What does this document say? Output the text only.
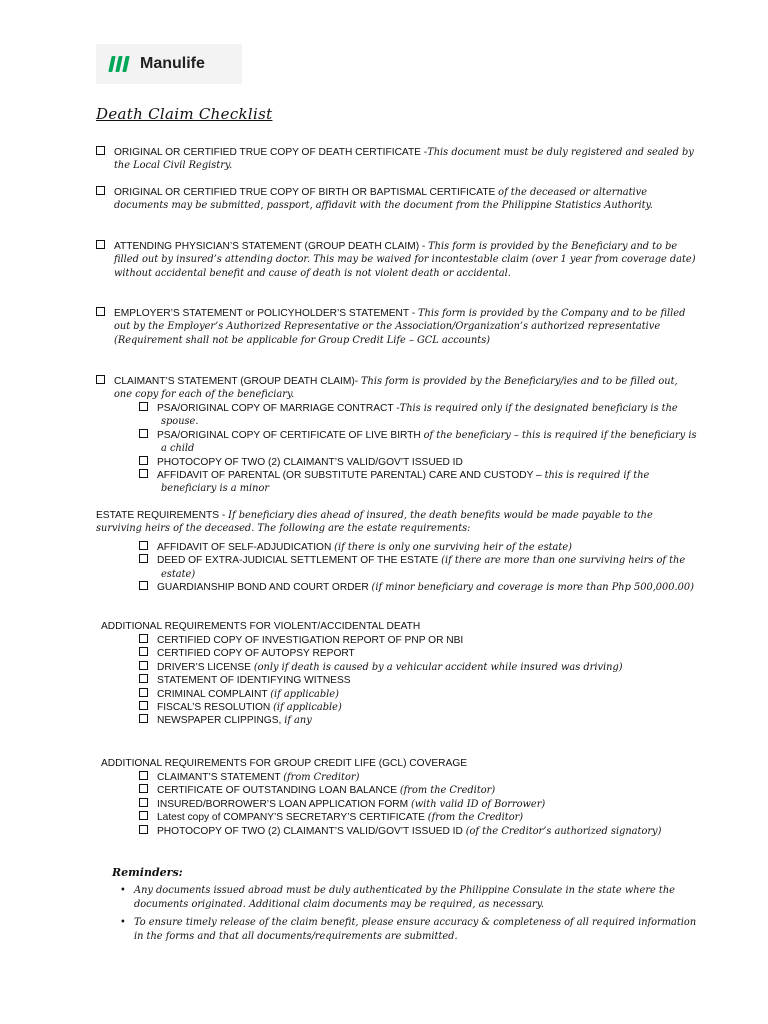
Manulife
Death Claim Checklist
ORIGINAL OR CERTIFIED TRUE COPY OF DEATH CERTIFICATE -This document must be duly registered and sealed by the Local Civil Registry.
ORIGINAL OR CERTIFIED TRUE COPY OF BIRTH OR BAPTISMAL CERTIFICATE of the deceased or alternative documents may be submitted, passport, affidavit with the document from the Philippine Statistics Authority.
ATTENDING PHYSICIAN’S STATEMENT (GROUP DEATH CLAIM) - This form is provided by the Beneficiary and to be filled out by insured’s attending doctor. This may be waived for incontestable claim (over 1 year from coverage date) without accidental benefit and cause of death is not violent death or accidental.
EMPLOYER’S STATEMENT or POLICYHOLDER’S STATEMENT - This form is provided by the Company and to be filled out by the Employer’s Authorized Representative or the Association/Organization’s authorized representative (Requirement shall not be applicable for Group Credit Life – GCL accounts)
CLAIMANT’S STATEMENT (GROUP DEATH CLAIM)- This form is provided by the Beneficiary/ies and to be filled out, one copy for each of the beneficiary.
PSA/ORIGINAL COPY OF MARRIAGE CONTRACT -This is required only if the designated beneficiary is the spouse.
PSA/ORIGINAL COPY OF CERTIFICATE OF LIVE BIRTH of the beneficiary – this is required if the beneficiary is a child
PHOTOCOPY OF TWO (2) CLAIMANT’S VALID/GOV’T ISSUED ID
AFFIDAVIT OF PARENTAL (OR SUBSTITUTE PARENTAL) CARE AND CUSTODY – this is required if the beneficiary is a minor
ESTATE REQUIREMENTS - If beneficiary dies ahead of insured, the death benefits would be made payable to the surviving heirs of the deceased. The following are the estate requirements:
AFFIDAVIT OF SELF-ADJUDICATION (if there is only one surviving heir of the estate)
DEED OF EXTRA-JUDICIAL SETTLEMENT OF THE ESTATE (if there are more than one surviving heirs of the estate)
GUARDIANSHIP BOND AND COURT ORDER (if minor beneficiary and coverage is more than Php 500,000.00)
ADDITIONAL REQUIREMENTS FOR VIOLENT/ACCIDENTAL DEATH
CERTIFIED COPY OF INVESTIGATION REPORT OF PNP OR NBI
CERTIFIED COPY OF AUTOPSY REPORT
DRIVER’S LICENSE (only if death is caused by a vehicular accident while insured was driving)
STATEMENT OF IDENTIFYING WITNESS
CRIMINAL COMPLAINT (if applicable)
FISCAL’S RESOLUTION (if applicable)
NEWSPAPER CLIPPINGS, if any
ADDITIONAL REQUIREMENTS FOR GROUP CREDIT LIFE (GCL) COVERAGE
CLAIMANT’S STATEMENT (from Creditor)
CERTIFICATE OF OUTSTANDING LOAN BALANCE (from the Creditor)
INSURED/BORROWER’S LOAN APPLICATION FORM (with valid ID of Borrower)
Latest copy of COMPANY’S SECRETARY’S CERTIFICATE (from the Creditor)
PHOTOCOPY OF TWO (2) CLAIMANT’S VALID/GOV’T ISSUED ID (of the Creditor’s authorized signatory)
Reminders:
• Any documents issued abroad must be duly authenticated by the Philippine Consulate in the state where the documents originated. Additional claim documents may be required, as necessary.
• To ensure timely release of the claim benefit, please ensure accuracy & completeness of all required information in the forms and that all documents/requirements are submitted.
